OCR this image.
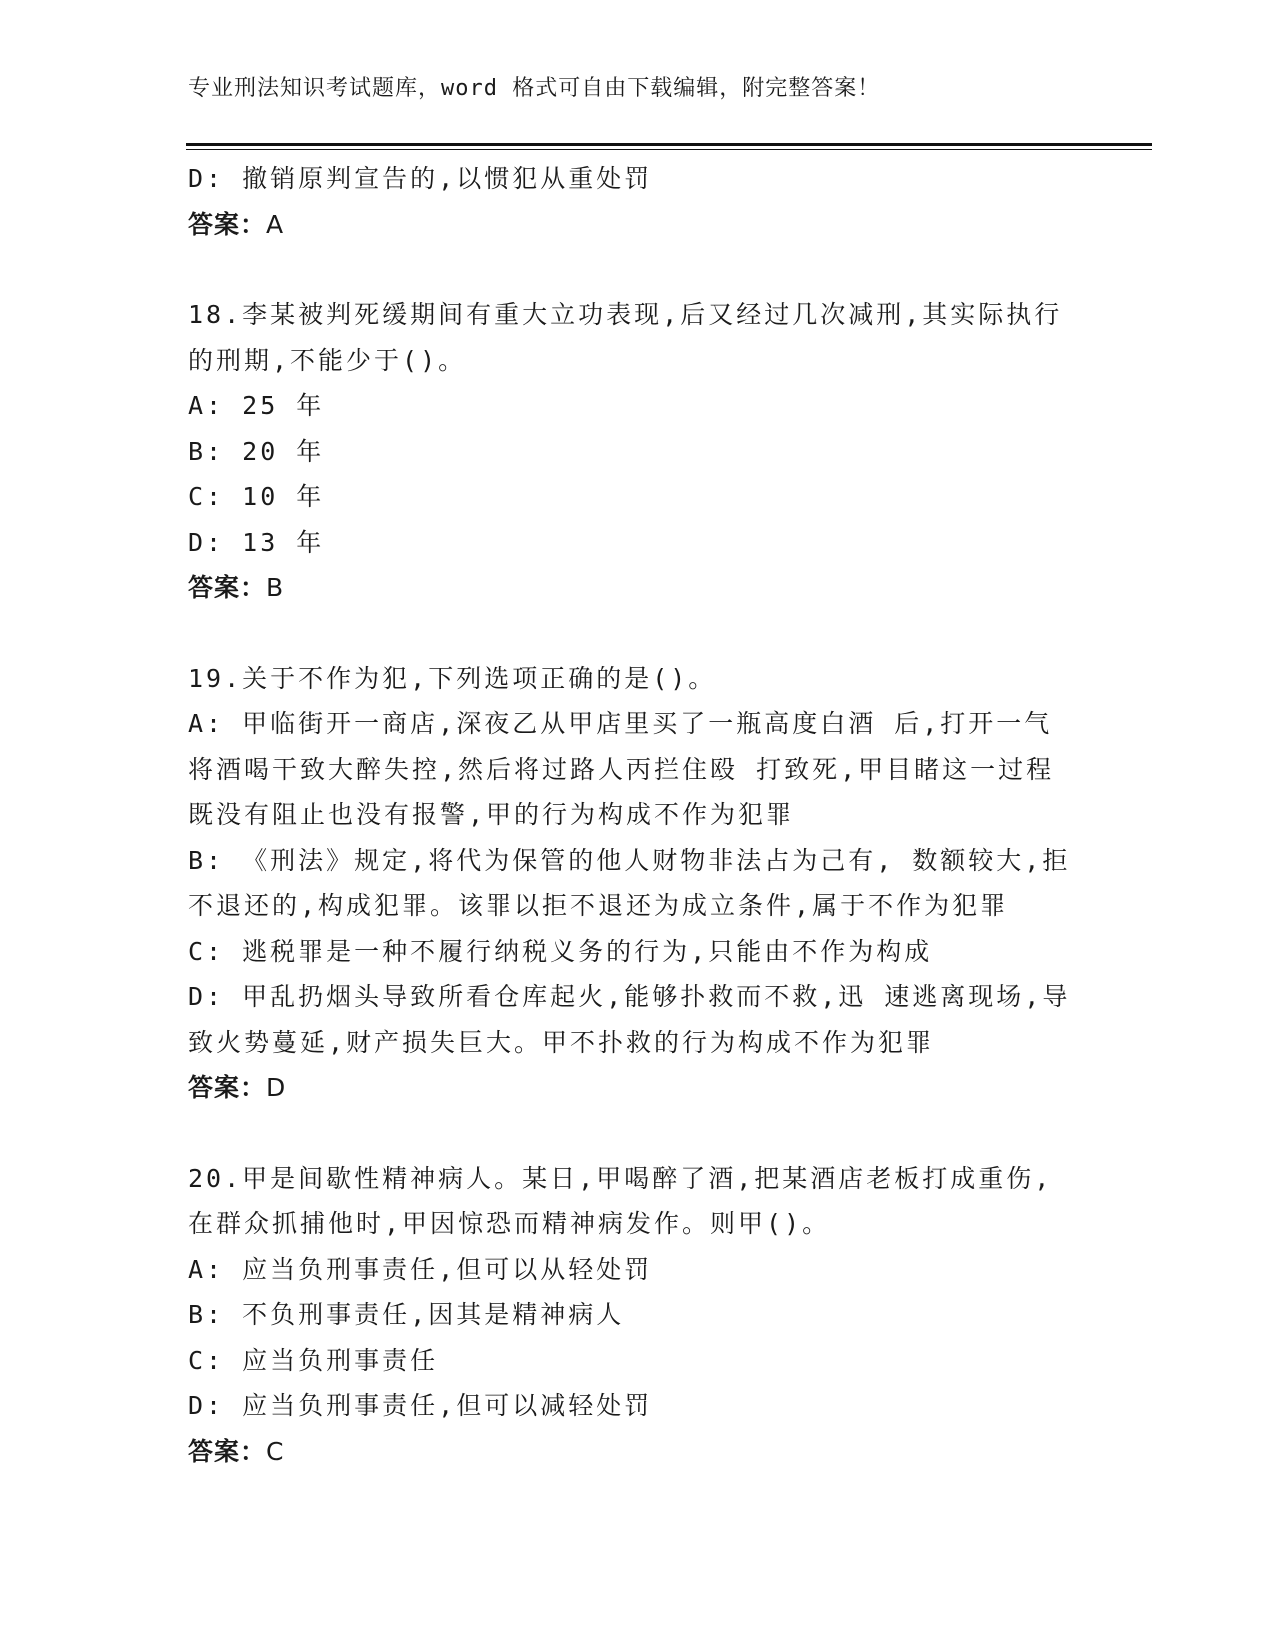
专业刑法知识考试题库，word 格式可自由下载编辑，附完整答案！
D: 撤销原判宣告的,以惯犯从重处罚
答案：A
18.李某被判死缓期间有重大立功表现,后又经过几次减刑,其实际执行
的刑期,不能少于()。
A: 25 年
B: 20 年
C: 10 年
D: 13 年
答案：B
19.关于不作为犯,下列选项正确的是()。
A: 甲临街开一商店,深夜乙从甲店里买了一瓶高度白酒 后,打开一气
将酒喝干致大醉失控,然后将过路人丙拦住殴 打致死,甲目睹这一过程
既没有阻止也没有报警,甲的行为构成不作为犯罪
B: 《刑法》规定,将代为保管的他人财物非法占为己有, 数额较大,拒
不退还的,构成犯罪。该罪以拒不退还为成立条件,属于不作为犯罪
C: 逃税罪是一种不履行纳税义务的行为,只能由不作为构成
D: 甲乱扔烟头导致所看仓库起火,能够扑救而不救,迅 速逃离现场,导
致火势蔓延,财产损失巨大。甲不扑救的行为构成不作为犯罪
答案：D
20.甲是间歇性精神病人。某日,甲喝醉了酒,把某酒店老板打成重伤,
在群众抓捕他时,甲因惊恐而精神病发作。则甲()。
A: 应当负刑事责任,但可以从轻处罚
B: 不负刑事责任,因其是精神病人
C: 应当负刑事责任
D: 应当负刑事责任,但可以减轻处罚
答案：C
